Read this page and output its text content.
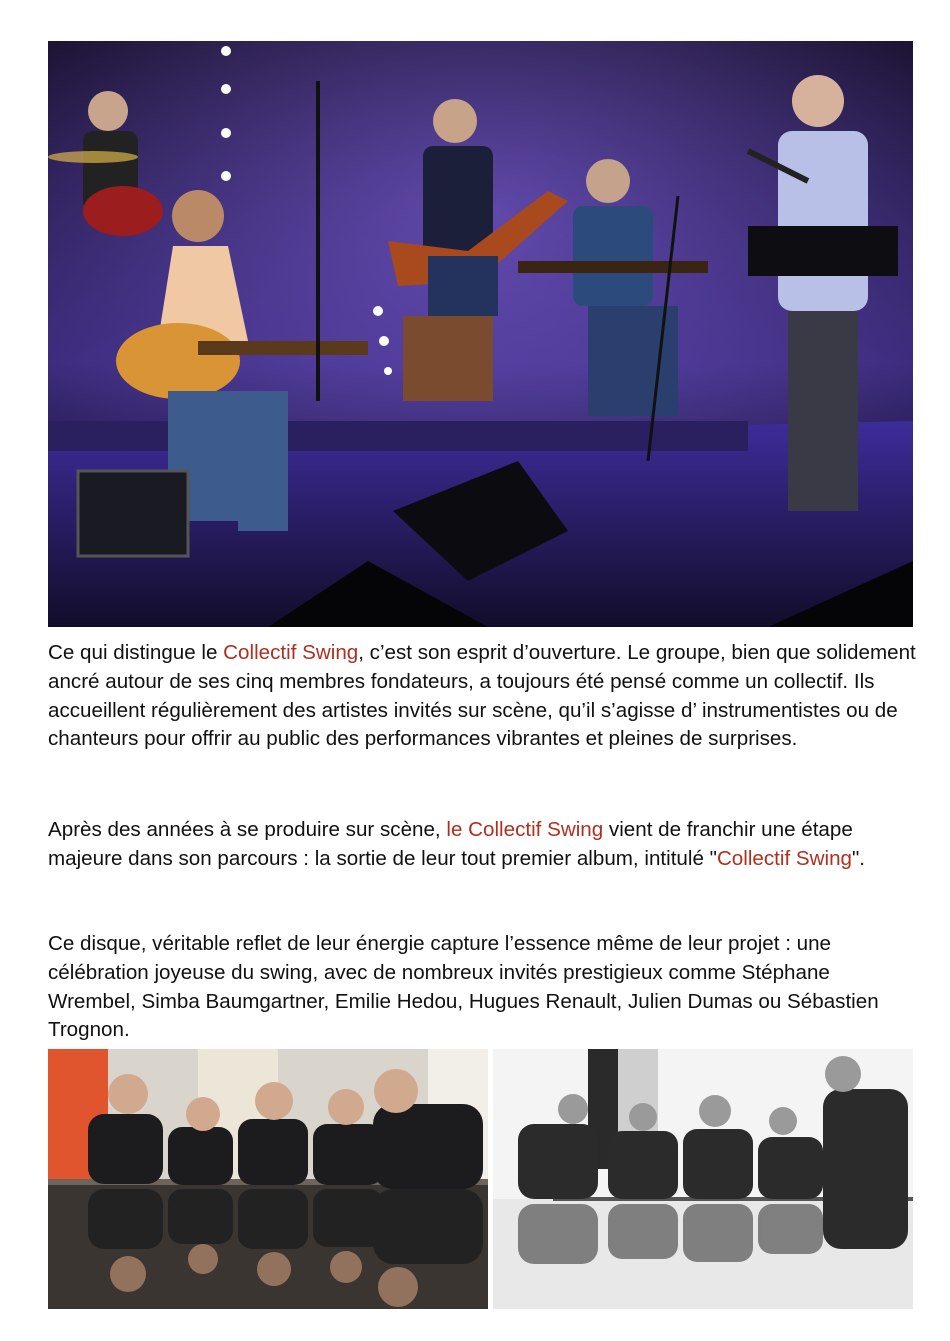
Ce qui distingue le Collectif Swing, c’est son esprit d’ouverture. Le groupe, bien que solidement ancré autour de ses cinq membres fondateurs, a toujours été pensé comme un collectif. Ils accueillent régulièrement des artistes invités sur scène, qu’il s’agisse d’ instrumentistes ou de chanteurs pour offrir au public des performances vibrantes et pleines de surprises.

Après des années à se produire sur scène, le Collectif Swing vient de franchir une étape majeure dans son parcours : la sortie de leur tout premier album, intitulé "Collectif Swing".

Ce disque, véritable reflet de leur énergie capture l’essence même de leur projet : une célébration joyeuse du swing, avec de nombreux invités prestigieux comme Stéphane Wrembel, Simba Baumgartner, Emilie Hedou, Hugues Renault, Julien Dumas ou Sébastien Trognon.
